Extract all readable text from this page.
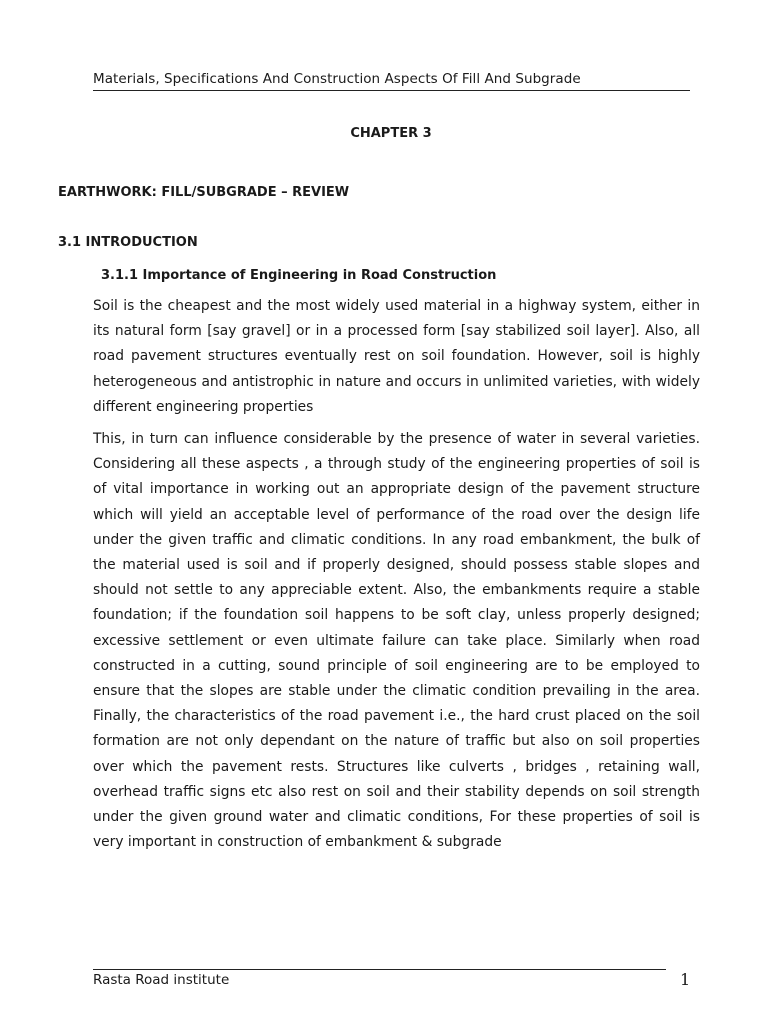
Materials, Specifications And Construction Aspects Of Fill And Subgrade
CHAPTER 3
EARTHWORK: FILL/SUBGRADE – REVIEW
3.1 INTRODUCTION
3.1.1 Importance of Engineering in Road Construction

Soil is the cheapest and the most widely used material in a highway system, either in its natural form [say gravel] or in a processed form [say stabilized soil layer]. Also, all road pavement structures eventually rest on soil foundation. However, soil is highly heterogeneous and antistrophic in nature and occurs in unlimited varieties, with widely different engineering properties

This, in turn can influence considerable by the presence of water in several varieties. Considering all these aspects , a through study of the engineering properties of soil is of vital importance in working out an appropriate design of the pavement structure which will yield an acceptable level of performance of the road over the design life under the given traffic and climatic conditions. In any road embankment, the bulk of the material used is soil and if properly designed, should possess stable slopes and should not settle to any appreciable extent. Also, the embankments require a stable foundation; if the foundation soil happens to be soft clay, unless properly designed; excessive settlement or even ultimate failure can take place. Similarly when road constructed in a cutting, sound principle of soil engineering are to be employed to ensure that the slopes are stable under the climatic condition prevailing in the area. Finally, the characteristics of the road pavement i.e., the hard crust placed on the soil formation are not only dependant on the nature of traffic but also on soil properties over which the pavement rests. Structures like culverts , bridges , retaining wall, overhead traffic signs etc also rest on soil and their stability depends on soil strength under the given ground water and climatic conditions, For these properties of soil is very important in construction of embankment & subgrade

Rasta Road institute	1
